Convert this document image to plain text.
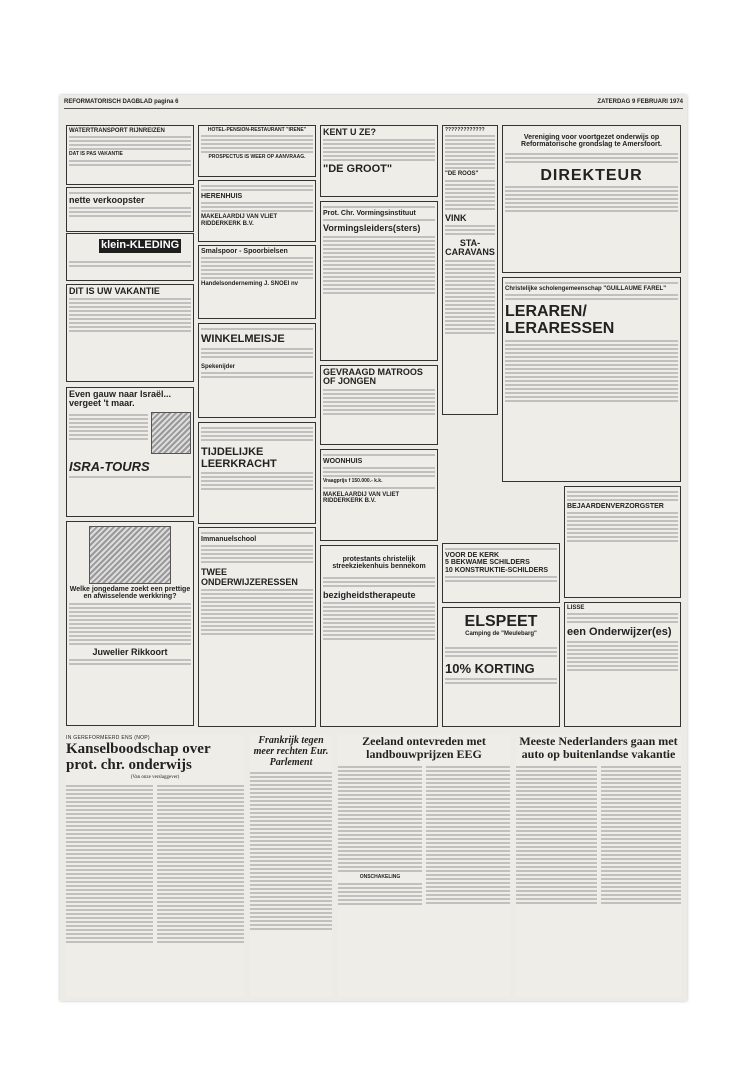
REFORMATORISCH DAGBLAD pagina 6	ZATERDAG 9 FEBRUARI 1974
WATERTRANSPORT RIJNREIZEN
DAT IS PAS VAKANTIE
nette verkoopster
klein-KLEDING
DIT IS UW VAKANTIE
Even gauw naar Israël... vergeet 't maar.
ISRA-TOURS
Welke jongedame zoekt een prettige en afwisselende werkkring?
Juwelier Rikkoort
HOTEL-PENSION-RESTAURANT "IRENE"
PROSPECTUS IS WEER OP AANVRAAG.
HERENHUIS
MAKELAARDIJ VAN VLIET RIDDERKERK B.V.
Smalspoor - Spoorbielsen
Handelsonderneming J. SNOEI nv
WINKELMEISJE
Spekenijder
TIJDELIJKE LEERKRACHT
Immanuelschool
TWEE ONDERWIJZERESSEN
KENT U ZE?
"DE GROOT"
Prot. Chr. Vormingsinstituut
Vormingsleiders(sters)
GEVRAAGD MATROOS OF JONGEN
WOONHUIS
Vraagprijs f 150.000.- k.k.
MAKELAARDIJ VAN VLIET RIDDERKERK B.V.
protestants christelijk streekziekenhuis bennekom
bezigheidstherapeute
?????????????
"DE ROOS"
VINK
STA-CARAVANS
VOOR DE KERK
5 BEKWAME SCHILDERS
10 KONSTRUKTIE-SCHILDERS
ELSPEET
Camping de "Meulebarg"
10% KORTING
Vereniging voor voortgezet onderwijs op Reformatorische grondslag te Amersfoort.
DIREKTEUR
Christelijke scholengemeenschap "GUILLAUME FAREL"
LERAREN/ LERARESSEN
BEJAARDENVERZORGSTER
LISSE
een Onderwijzer(es)
IN GEREFORMEERD ENS (NOP)
Kanselboodschap over prot. chr. onderwijs
(Van onze verslaggever)
Frankrijk tegen meer rechten Eur. Parlement
Zeeland ontevreden met landbouwprijzen EEG
ONSCHAKELING
Meeste Nederlanders gaan met auto op buitenlandse vakantie
